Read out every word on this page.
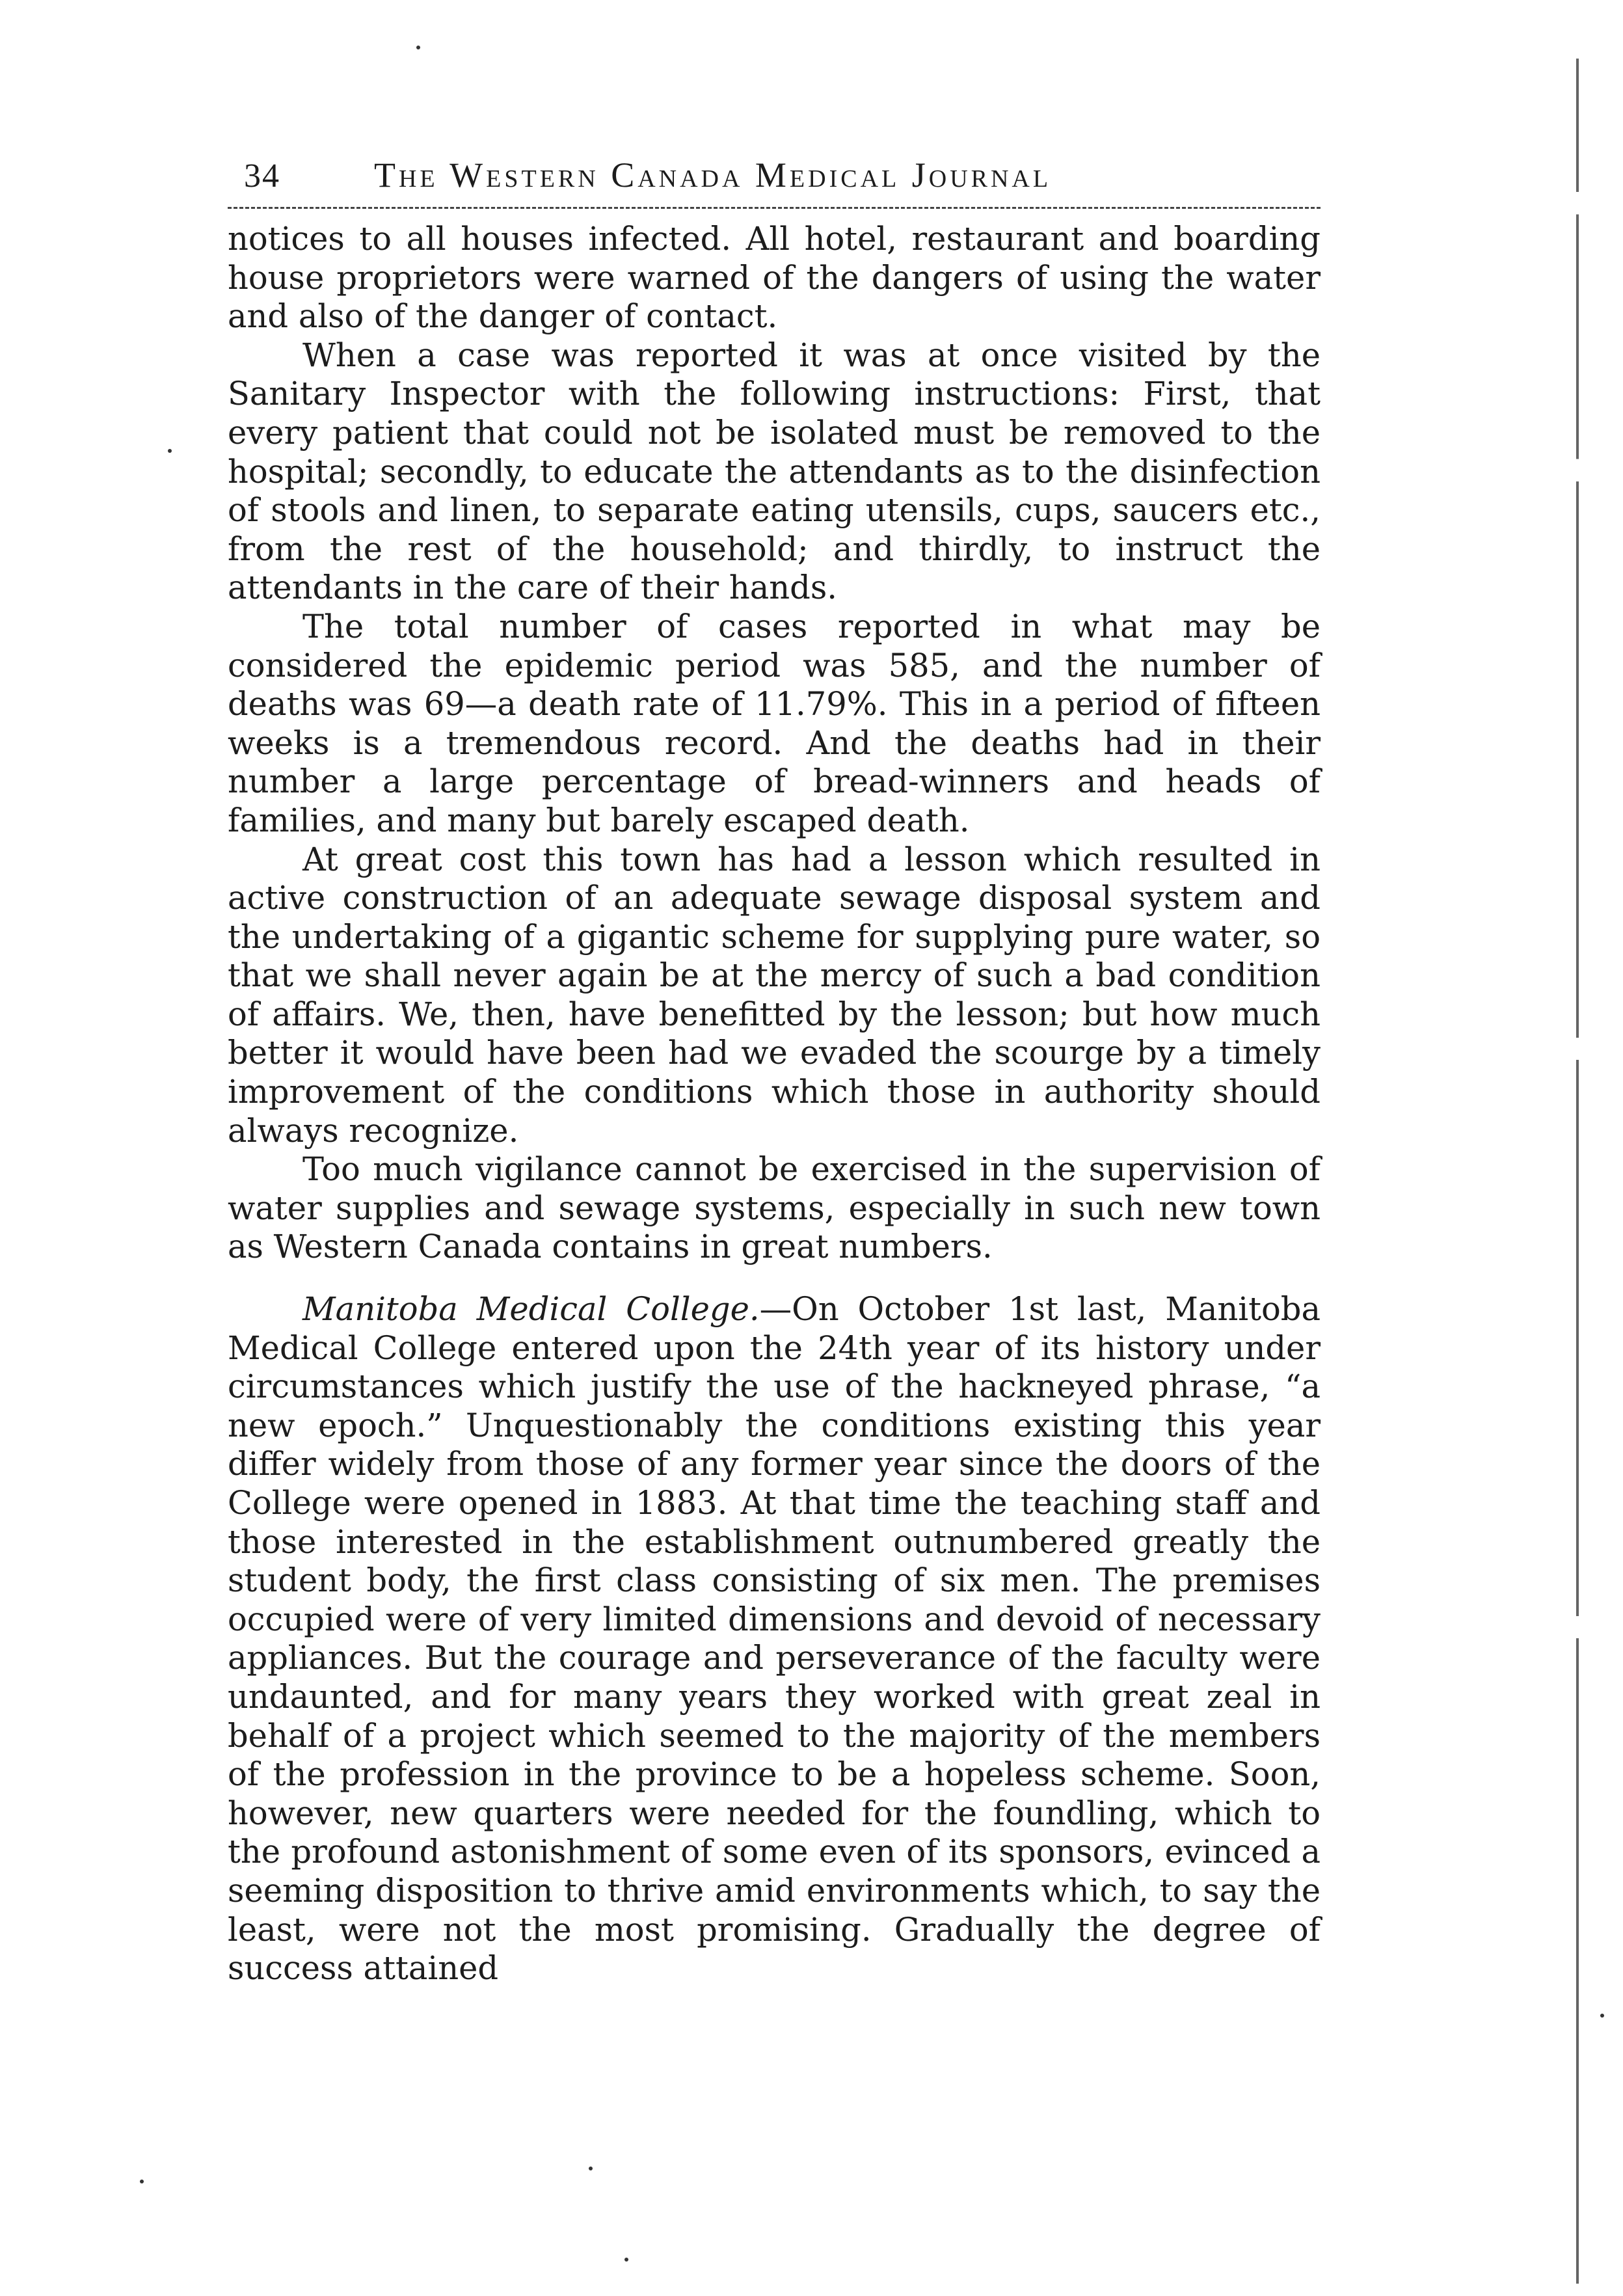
34	The Western Canada Medical Journal

notices to all houses infected. All hotel, restaurant and boarding house proprietors were warned of the dangers of using the water and also of the danger of contact.

When a case was reported it was at once visited by the Sanitary Inspector with the following instructions: First, that every patient that could not be isolated must be removed to the hospital; secondly, to educate the attendants as to the disinfection of stools and linen, to separate eating utensils, cups, saucers etc., from the rest of the household; and thirdly, to instruct the attendants in the care of their hands.

The total number of cases reported in what may be considered the epidemic period was 585, and the number of deaths was 69—a death rate of 11.79%. This in a period of fifteen weeks is a tremendous record. And the deaths had in their number a large percentage of bread-winners and heads of families, and many but barely escaped death.

At great cost this town has had a lesson which resulted in active construction of an adequate sewage disposal system and the undertaking of a gigantic scheme for supplying pure water, so that we shall never again be at the mercy of such a bad condition of affairs. We, then, have benefitted by the lesson; but how much better it would have been had we evaded the scourge by a timely improvement of the conditions which those in authority should always recognize.

Too much vigilance cannot be exercised in the supervision of water supplies and sewage systems, especially in such new town as Western Canada contains in great numbers.

Manitoba Medical College.—On October 1st last, Manitoba Medical College entered upon the 24th year of its history under circumstances which justify the use of the hackneyed phrase, “a new epoch.” Unquestionably the conditions existing this year differ widely from those of any former year since the doors of the College were opened in 1883. At that time the teaching staff and those interested in the establishment outnumbered greatly the student body, the first class consisting of six men. The premises occupied were of very limited dimensions and devoid of necessary appliances. But the courage and perseverance of the faculty were undaunted, and for many years they worked with great zeal in behalf of a project which seemed to the majority of the members of the profession in the province to be a hopeless scheme. Soon, however, new quarters were needed for the foundling, which to the profound astonishment of some even of its sponsors, evinced a seeming disposition to thrive amid environments which, to say the least, were not the most promising. Gradually the degree of success attained
